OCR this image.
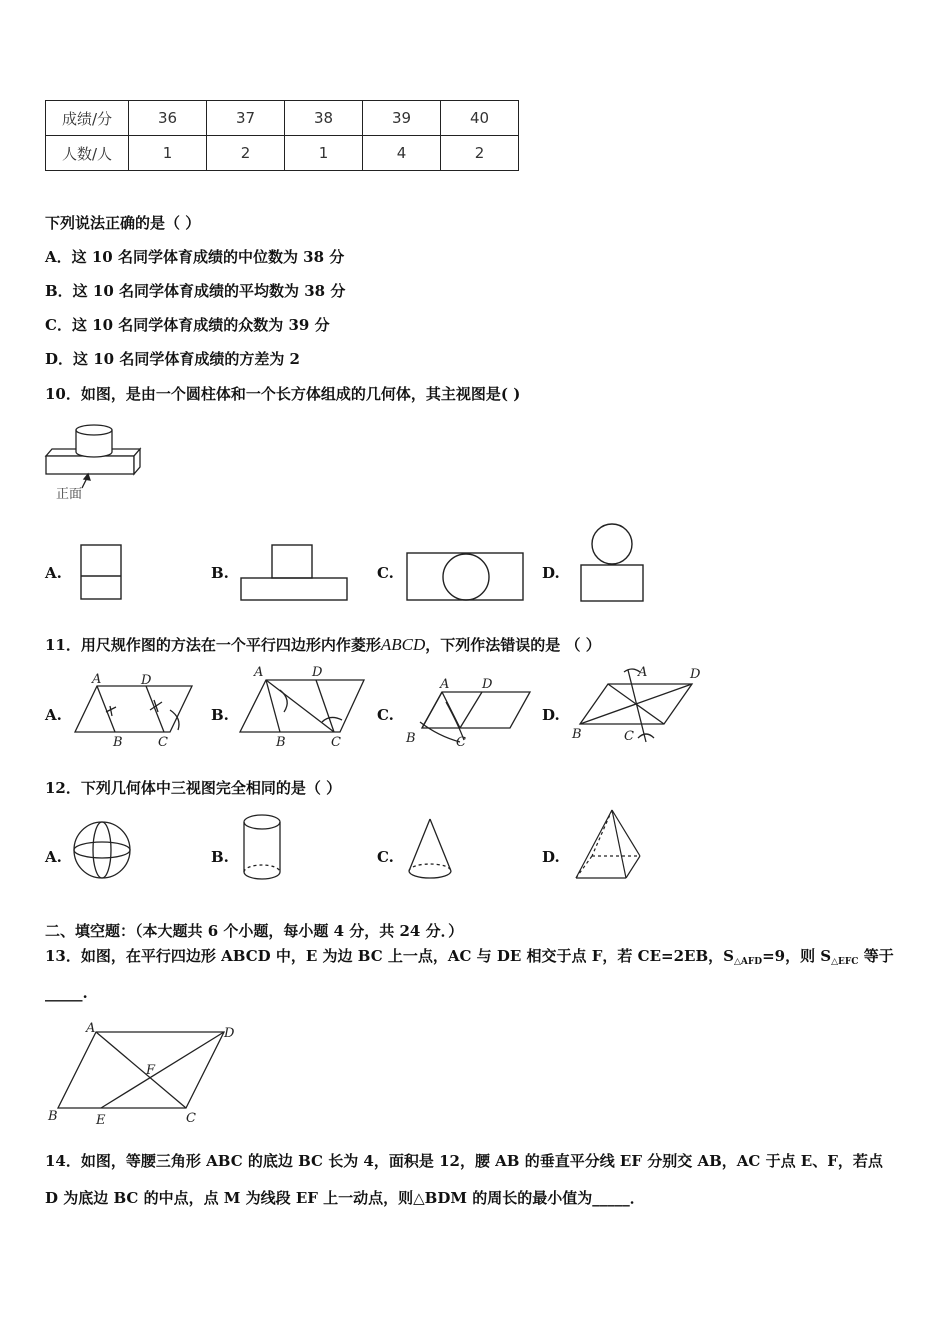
成绩/分	36	37	38	39	40
人数/人	1	2	1	4	2
下列说法正确的是（ ）
A．这 10 名同学体育成绩的中位数为 38 分
B．这 10 名同学体育成绩的平均数为 38 分
C．这 10 名同学体育成绩的众数为 39 分
D．这 10 名同学体育成绩的方差为 2
10．如图，是由一个圆柱体和一个长方体组成的几何体，其主视图是( )
正面
A.	B.	C.	D.
11．用尺规作图的方法在一个平行四边形内作菱形ABCD，下列作法错误的是 （ ）
A.
A	D
B	C
B.
A	D
B	C
C.
A	D
B	C
D.
A	D
B	C
12．下列几何体中三视图完全相同的是（ ）
A.	B.	C.	D.
二、填空题：（本大题共 6 个小题，每小题 4 分，共 24 分．）
13．如图，在平行四边形 ABCD 中，E 为边 BC 上一点，AC 与 DE 相交于点 F，若 CE=2EB，$S_{\triangle AFD}=9$，则 $S_{\triangle EFC}$ 等于
_____.
A	D
F
B	E	C
14．如图，等腰三角形 ABC 的底边 BC 长为 4，面积是 12，腰 AB 的垂直平分线 EF 分别交 AB，AC 于点 E、F，若点
D 为底边 BC 的中点，点 M 为线段 EF 上一动点，则△BDM 的周长的最小值为_____．
